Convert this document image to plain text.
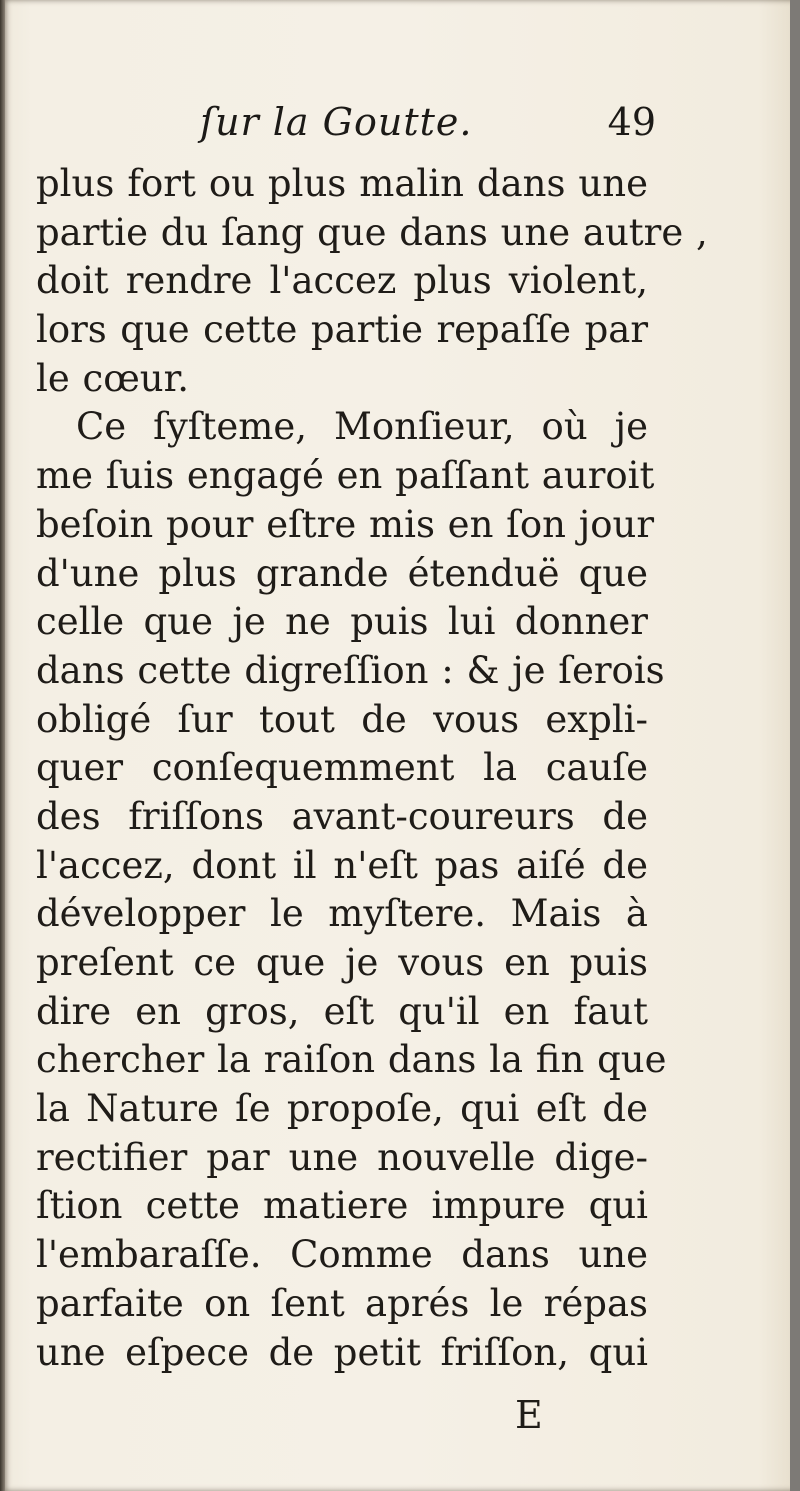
ſur la Goutte.	49
plus fort ou plus malin dans une
partie du ſang que dans une autre ,
doit rendre l'accez plus violent,
lors que cette partie repaſſe par
le cœur.
Ce ſyſteme, Monſieur, où je
me ſuis engagé en paſſant auroit
beſoin pour eſtre mis en ſon jour
d'une plus grande étenduë que
celle que je ne puis lui donner
dans cette digreſſion : & je ſerois
obligé ſur tout de vous expli-
quer conſequemment la cauſe
des friſſons avant-coureurs de
l'accez, dont il n'eſt pas aiſé de
développer le myſtere. Mais à
preſent ce que je vous en puis
dire en gros, eſt qu'il en faut
chercher la raiſon dans la fin que
la Nature ſe propoſe, qui eſt de
rectifier par une nouvelle dige-
ſtion cette matiere impure qui
l'embaraſſe. Comme dans une
parfaite on ſent aprés le répas
une eſpece de petit friſſon, qui
E
